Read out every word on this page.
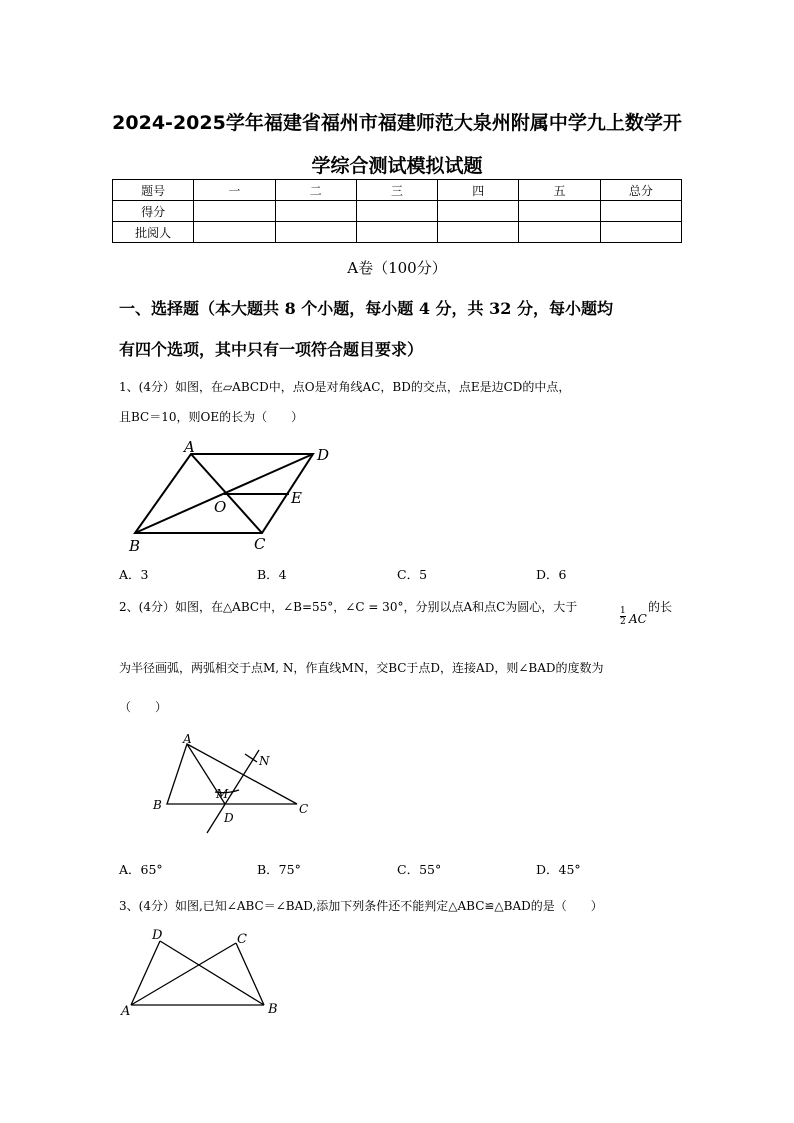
2024-2025学年福建省福州市福建师范大泉州附属中学九上数学开
学综合测试模拟试题
题号	一	二	三	四	五	总分
得分						
批阅人						
A卷（100分）
一、选择题（本大题共 8 个小题，每小题 4 分，共 32 分，每小题均
有四个选项，其中只有一项符合题目要求）
1、(4分）如图，在▱ABCD中，点O是对角线AC，BD的交点，点E是边CD的中点，
且BC＝10，则OE的长为（　　）
A	D
E
O
B	C
A．3	B．4	C．5	D．6
2、(4分）如图，在△ABC中，∠B=55°，∠C = 30°，分别以点A和点C为圆心，大于	$\frac{1}{2}$ AC
的长
为半径画弧，两弧相交于点M, N，作直线MN，交BC于点D，连接AD，则∠BAD的度数为
（　　）
A
N
M
B
D
C
A．65°	B．75°	C．55°	D．45°
3、(4分）如图,已知∠ABC＝∠BAD,添加下列条件还不能判定△ABC≌△BAD的是（　　）
D	C
A	B
